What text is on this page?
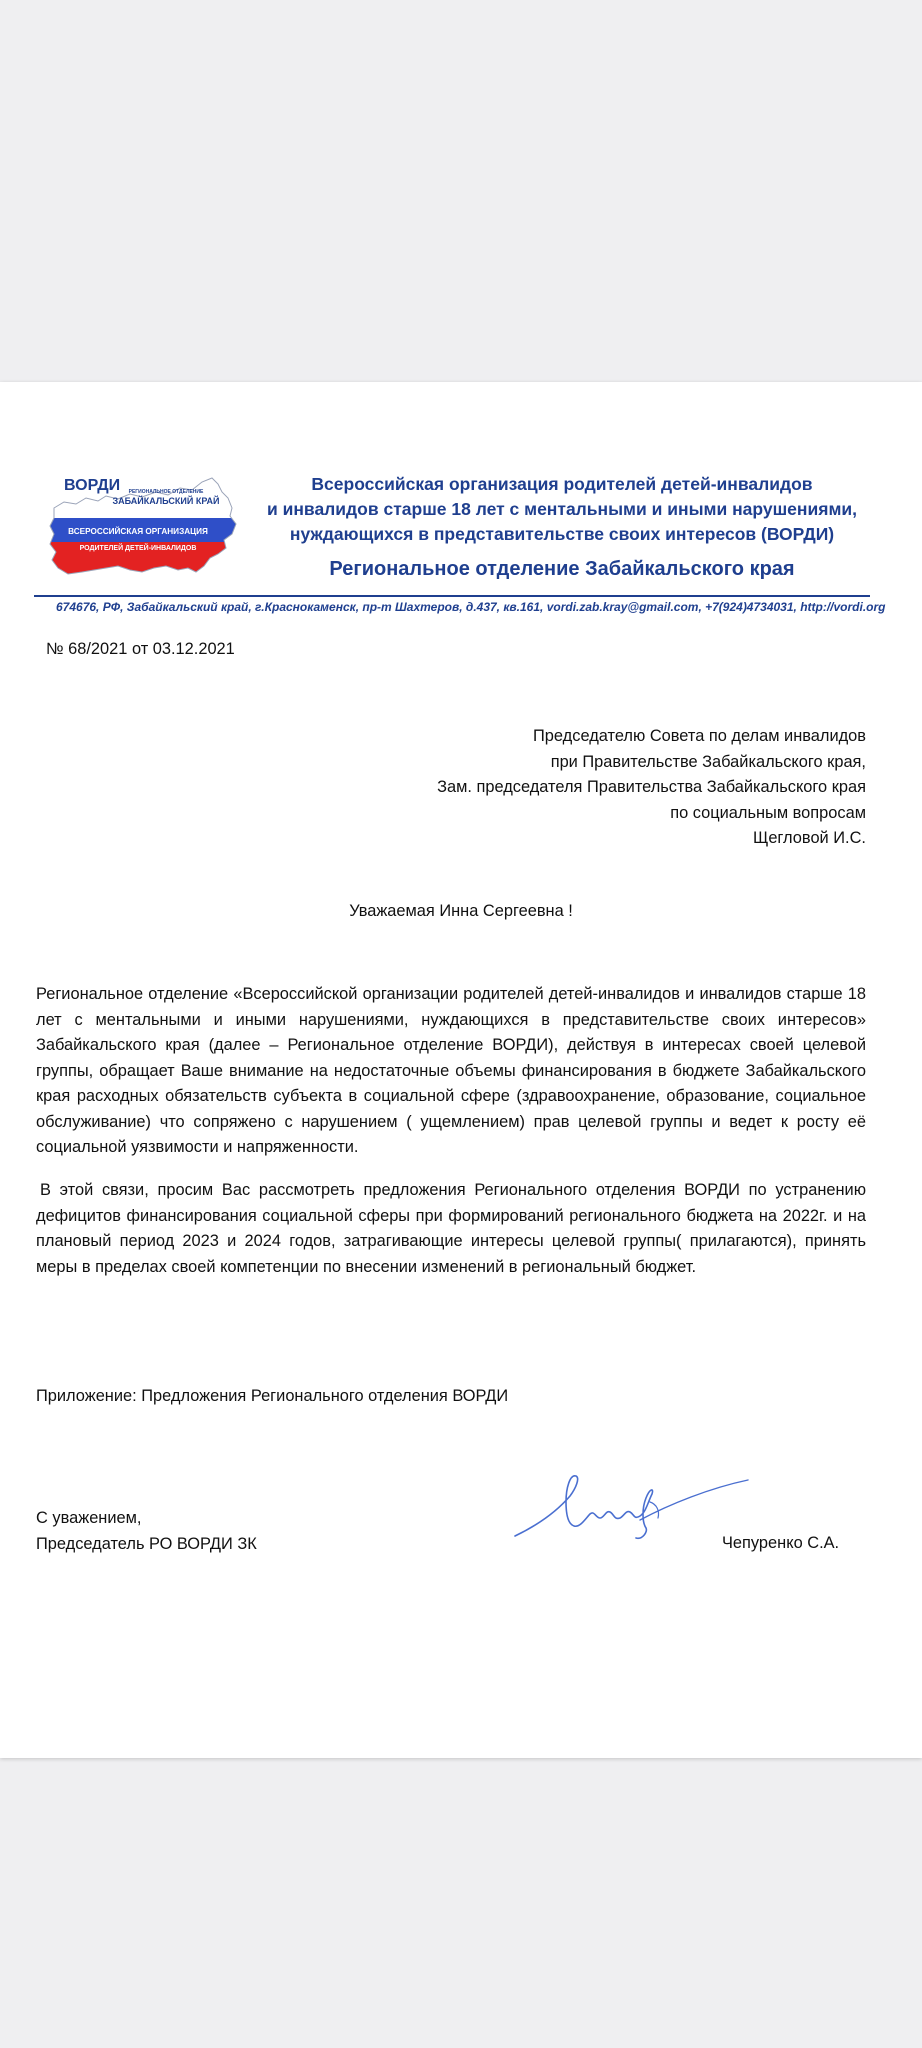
ВОРДИ РЕГИОНАЛЬНОЕ ОТДЕЛЕНИЕ
ЗАБАЙКАЛЬСКИЙ КРАЙ
ВСЕРОССИЙСКАЯ ОРГАНИЗАЦИЯ
РОДИТЕЛЕЙ ДЕТЕЙ-ИНВАЛИДОВ
Всероссийская организация родителей детей-инвалидов
и инвалидов старше 18 лет с ментальными и иными нарушениями,
нуждающихся в представительстве своих интересов (ВОРДИ)
Региональное отделение Забайкальского края
674676, РФ, Забайкальский край, г.Краснокаменск, пр-т Шахтеров, д.437, кв.161, vordi.zab.kray@gmail.com, +7(924)4734031, http://vordi.org
№ 68/2021 от 03.12.2021
Председателю Совета по делам инвалидов
при Правительстве Забайкальского края,
Зам. председателя Правительства Забайкальского края
по социальным вопросам
Щегловой И.С.
Уважаемая Инна Сергеевна !
Региональное отделение «Всероссийской организации родителей детей-инвалидов и инвалидов старше 18 лет с ментальными и иными нарушениями, нуждающихся в представительстве своих интересов» Забайкальского края (далее – Региональное отделение ВОРДИ), действуя в интересах своей целевой группы, обращает Ваше внимание на недостаточные объемы финансирования в бюджете Забайкальского края расходных обязательств субъекта в социальной сфере (здравоохранение, образование, социальное обслуживание) что сопряжено с нарушением ( ущемлением) прав целевой группы и ведет к росту её социальной уязвимости и напряженности.
В этой связи, просим Вас рассмотреть предложения Регионального отделения ВОРДИ по устранению дефицитов финансирования социальной сферы при формирований регионального бюджета на 2022г. и на плановый период 2023 и 2024 годов, затрагивающие интересы целевой группы( прилагаются), принять меры в пределах своей компетенции по внесении изменений в региональный бюджет.
Приложение: Предложения Регионального отделения ВОРДИ
С уважением,
Председатель РО ВОРДИ ЗК	Чепуренко С.А.
